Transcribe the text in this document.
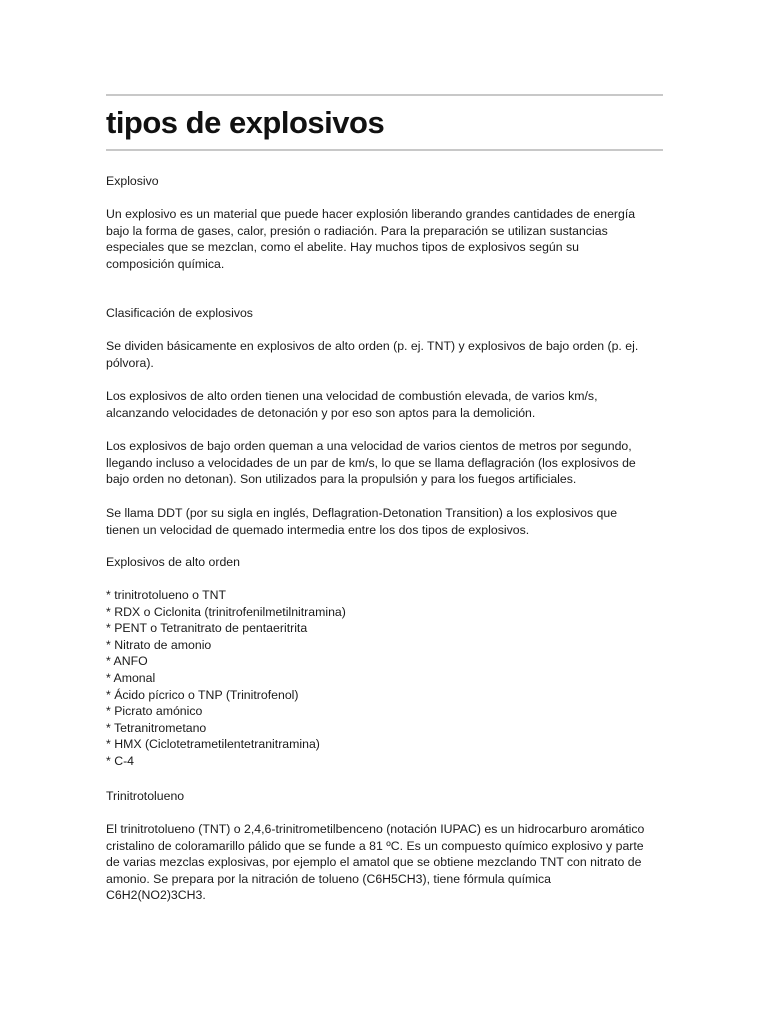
tipos de explosivos

Explosivo

Un explosivo es un material que puede hacer explosión liberando grandes cantidades de energía
bajo la forma de gases, calor, presión o radiación. Para la preparación se utilizan sustancias
especiales que se mezclan, como el abelite. Hay muchos tipos de explosivos según su
composición química.

Clasificación de explosivos

Se dividen básicamente en explosivos de alto orden (p. ej. TNT) y explosivos de bajo orden (p. ej.
pólvora).

Los explosivos de alto orden tienen una velocidad de combustión elevada, de varios km/s,
alcanzando velocidades de detonación y por eso son aptos para la demolición.

Los explosivos de bajo orden queman a una velocidad de varios cientos de metros por segundo,
llegando incluso a velocidades de un par de km/s, lo que se llama deflagración (los explosivos de
bajo orden no detonan). Son utilizados para la propulsión y para los fuegos artificiales.

Se llama DDT (por su sigla en inglés, Deflagration-Detonation Transition) a los explosivos que
tienen un velocidad de quemado intermedia entre los dos tipos de explosivos.

Explosivos de alto orden

* trinitrotolueno o TNT
* RDX o Ciclonita (trinitrofenilmetilnitramina)
* PENT o Tetranitrato de pentaeritrita
* Nitrato de amonio
* ANFO
* Amonal
* Ácido pícrico o TNP (Trinitrofenol)
* Picrato amónico
* Tetranitrometano
* HMX (Ciclotetrametilentetranitramina)
* C-4

Trinitrotolueno

El trinitrotolueno (TNT) o 2,4,6-trinitrometilbenceno (notación IUPAC) es un hidrocarburo aromático
cristalino de coloramarillo pálido que se funde a 81 ºC. Es un compuesto químico explosivo y parte
de varias mezclas explosivas, por ejemplo el amatol que se obtiene mezclando TNT con nitrato de
amonio. Se prepara por la nitración de tolueno (C6H5CH3), tiene fórmula química
C6H2(NO2)3CH3.
